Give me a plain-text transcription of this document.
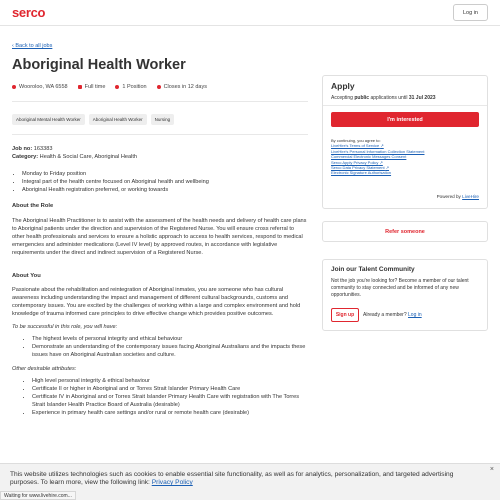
serco	Log in
‹ Back to all jobs
Aboriginal Health Worker
Wooroloo, WA 6558	Full time	1 Position	Closes in 12 days
Aboriginal Mental Health Worker	Aboriginal Health Worker	Nursing
Job no: 163383
Category: Health & Social Care, Aboriginal Health
• Monday to Friday position
• Integral part of the health centre focused on Aboriginal health and wellbeing
• Aboriginal Health registration preferred, or working towards
About the Role

The Aboriginal Health Practitioner is to assist with the assessment of the health needs and delivery of health care plans to Aboriginal patients under the direction and supervision of the Registered Nurse. You will ensure cross referral to other health professionals and services to ensure a holistic approach to access to health services, respond to medical emergencies and administer medications (Level IV level) by approved routes, in accordance with legislative requirements under the direct and indirect supervision of a Registered Nurse.

About You

Passionate about the rehabilitation and reintegration of Aboriginal inmates, you are someone who has cultural awareness including understanding the impact and management of different cultural backgrounds, customs and contemporary issues. You are excited by the challenges of working within a large and complex environment and hold knowledge of trauma informed care principles to drive effective change which provides positive outcomes.

To be successful in this role, you will have:

• The highest levels of personal integrity and ethical behaviour
• Demonstrate an understanding of the contemporary issues facing Aboriginal Australians and the impacts these issues have on Aboriginal Australian societies and culture.

Other desirable attributes:

• High level personal integrity & ethical behaviour
• Certificate II or higher in Aboriginal and or Torres Strait Islander Primary Health Care
• Certificate IV in Aboriginal and or Torres Strait Islander Primary Health Care with registration with The Torres Strait Islander Health Practice Board of Australia (desirable)
• Experience in primary health care settings and/or rural or remote health care (desirable)
Apply
Accepting public applications until 31 Jul 2023
I'm interested
By continuing, you agree to:
LiveHire's Terms of Service ↗
LiveHire's Personal Information Collection Statement
Commercial Electronic Messages Consent
Serco Apply Privacy Policy ↗
Serco Data Privacy Statement ↗
Electronic Signature Authorisation
Powered by LiveHire
Refer someone
Join our Talent Community
Not the job you're looking for? Become a member of our talent community to stay connected and be informed of any new opportunities.
Sign up	Already a member? Log in
×
This website utilizes technologies such as cookies to enable essential site functionality, as well as for analytics, personalization, and targeted advertising purposes. To learn more, view the following link: Privacy Policy
Waiting for www.livehire.com...
